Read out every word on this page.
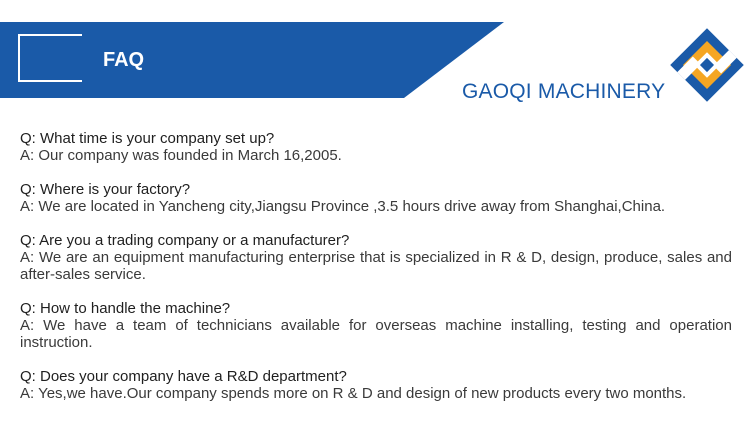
FAQ
GAOQI MACHINERY

Q: What time is your company set up?

A: Our company was founded in March 16,2005.

Q: Where is your factory?

A: We are located in Yancheng city,Jiangsu Province ,3.5 hours drive away from Shanghai,China.

Q: Are you a trading company or a manufacturer?

A: We are an equipment manufacturing enterprise that is specialized in R & D, design, produce, sales and after-sales service.

Q: How to handle the machine?

A: We have a team of technicians available for overseas machine installing, testing and operation instruction.

Q: Does your company have a R&D department?

A: Yes,we have.Our company spends more on R & D and design of new products every two months.
